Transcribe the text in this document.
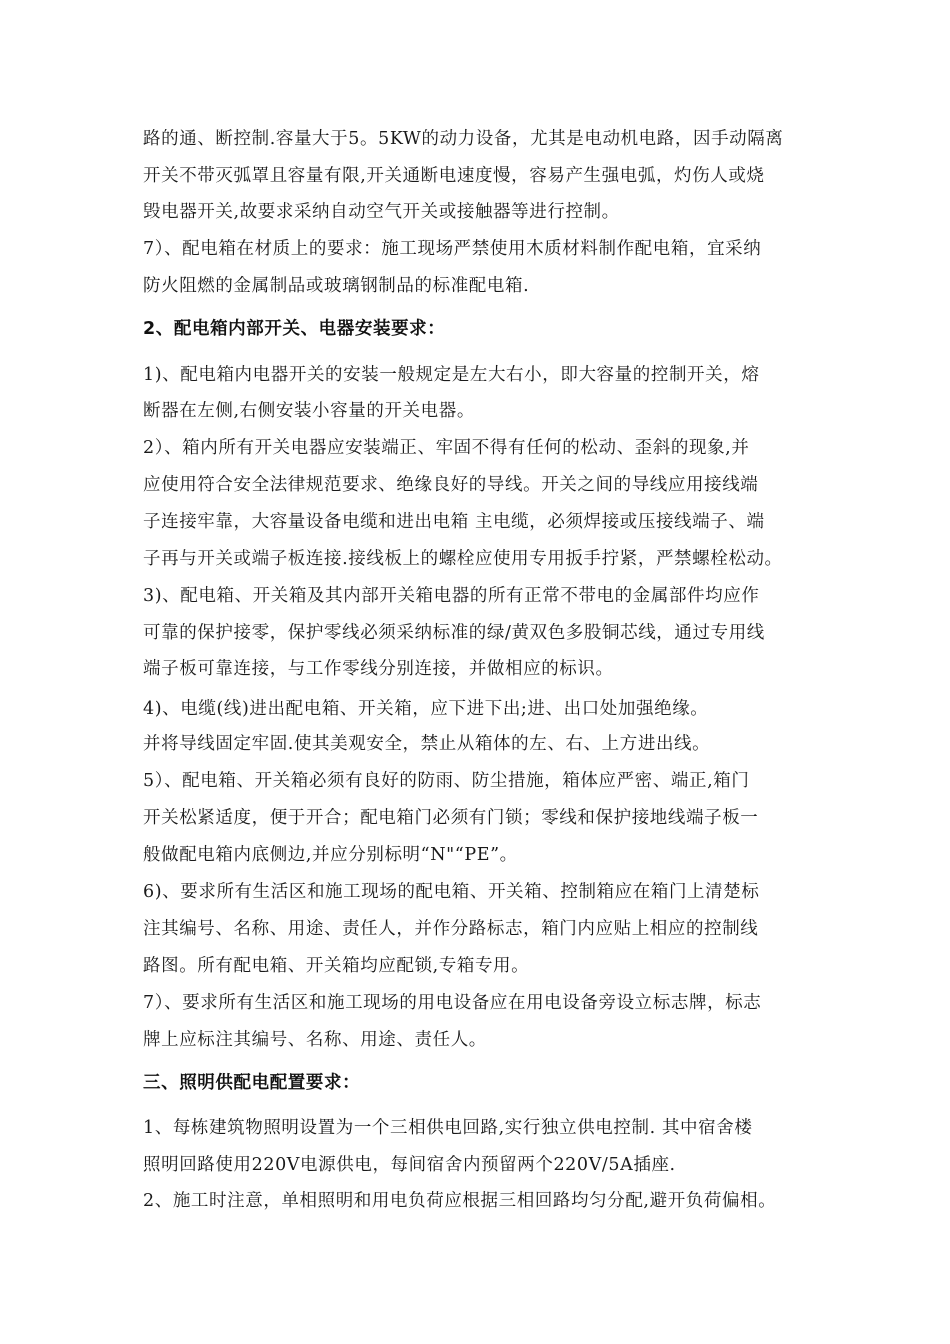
路的通、断控制.容量大于5。5KW的动力设备，尤其是电动机电路，因手动隔离
开关不带灭弧罩且容量有限,开关通断电速度慢，容易产生强电弧，灼伤人或烧
毁电器开关,故要求采纳自动空气开关或接触器等进行控制。
7）、配电箱在材质上的要求：施工现场严禁使用木质材料制作配电箱，宜采纳
防火阻燃的金属制品或玻璃钢制品的标准配电箱.
2、配电箱内部开关、电器安装要求：
1)、配电箱内电器开关的安装一般规定是左大右小，即大容量的控制开关，熔
断器在左侧,右侧安装小容量的开关电器。
2）、箱内所有开关电器应安装端正、牢固不得有任何的松动、歪斜的现象,并
应使用符合安全法律规范要求、绝缘良好的导线。开关之间的导线应用接线端
子连接牢靠，大容量设备电缆和进出电箱 主电缆，必须焊接或压接线端子、端
子再与开关或端子板连接.接线板上的螺栓应使用专用扳手拧紧，严禁螺栓松动。
3)、配电箱、开关箱及其内部开关箱电器的所有正常不带电的金属部件均应作
可靠的保护接零，保护零线必须采纳标准的绿/黄双色多股铜芯线，通过专用线
端子板可靠连接，与工作零线分别连接，并做相应的标识。
4)、电缆(线)进出配电箱、开关箱，应下进下出;进、出口处加强绝缘。
并将导线固定牢固.使其美观安全，禁止从箱体的左、右、上方进出线。
5）、配电箱、开关箱必须有良好的防雨、防尘措施，箱体应严密、端正,箱门
开关松紧适度，便于开合；配电箱门必须有门锁；零线和保护接地线端子板一
般做配电箱内底侧边,并应分别标明“N"“PE”。
6)、要求所有生活区和施工现场的配电箱、开关箱、控制箱应在箱门上清楚标
注其编号、名称、用途、责任人，并作分路标志，箱门内应贴上相应的控制线
路图。所有配电箱、开关箱均应配锁,专箱专用。
7）、要求所有生活区和施工现场的用电设备应在用电设备旁设立标志牌，标志
牌上应标注其编号、名称、用途、责任人。
三、照明供配电配置要求：
1、每栋建筑物照明设置为一个三相供电回路,实行独立供电控制. 其中宿舍楼
照明回路使用220V电源供电，每间宿舍内预留两个220V/5A插座.
2、施工时注意，单相照明和用电负荷应根据三相回路均匀分配,避开负荷偏相。
